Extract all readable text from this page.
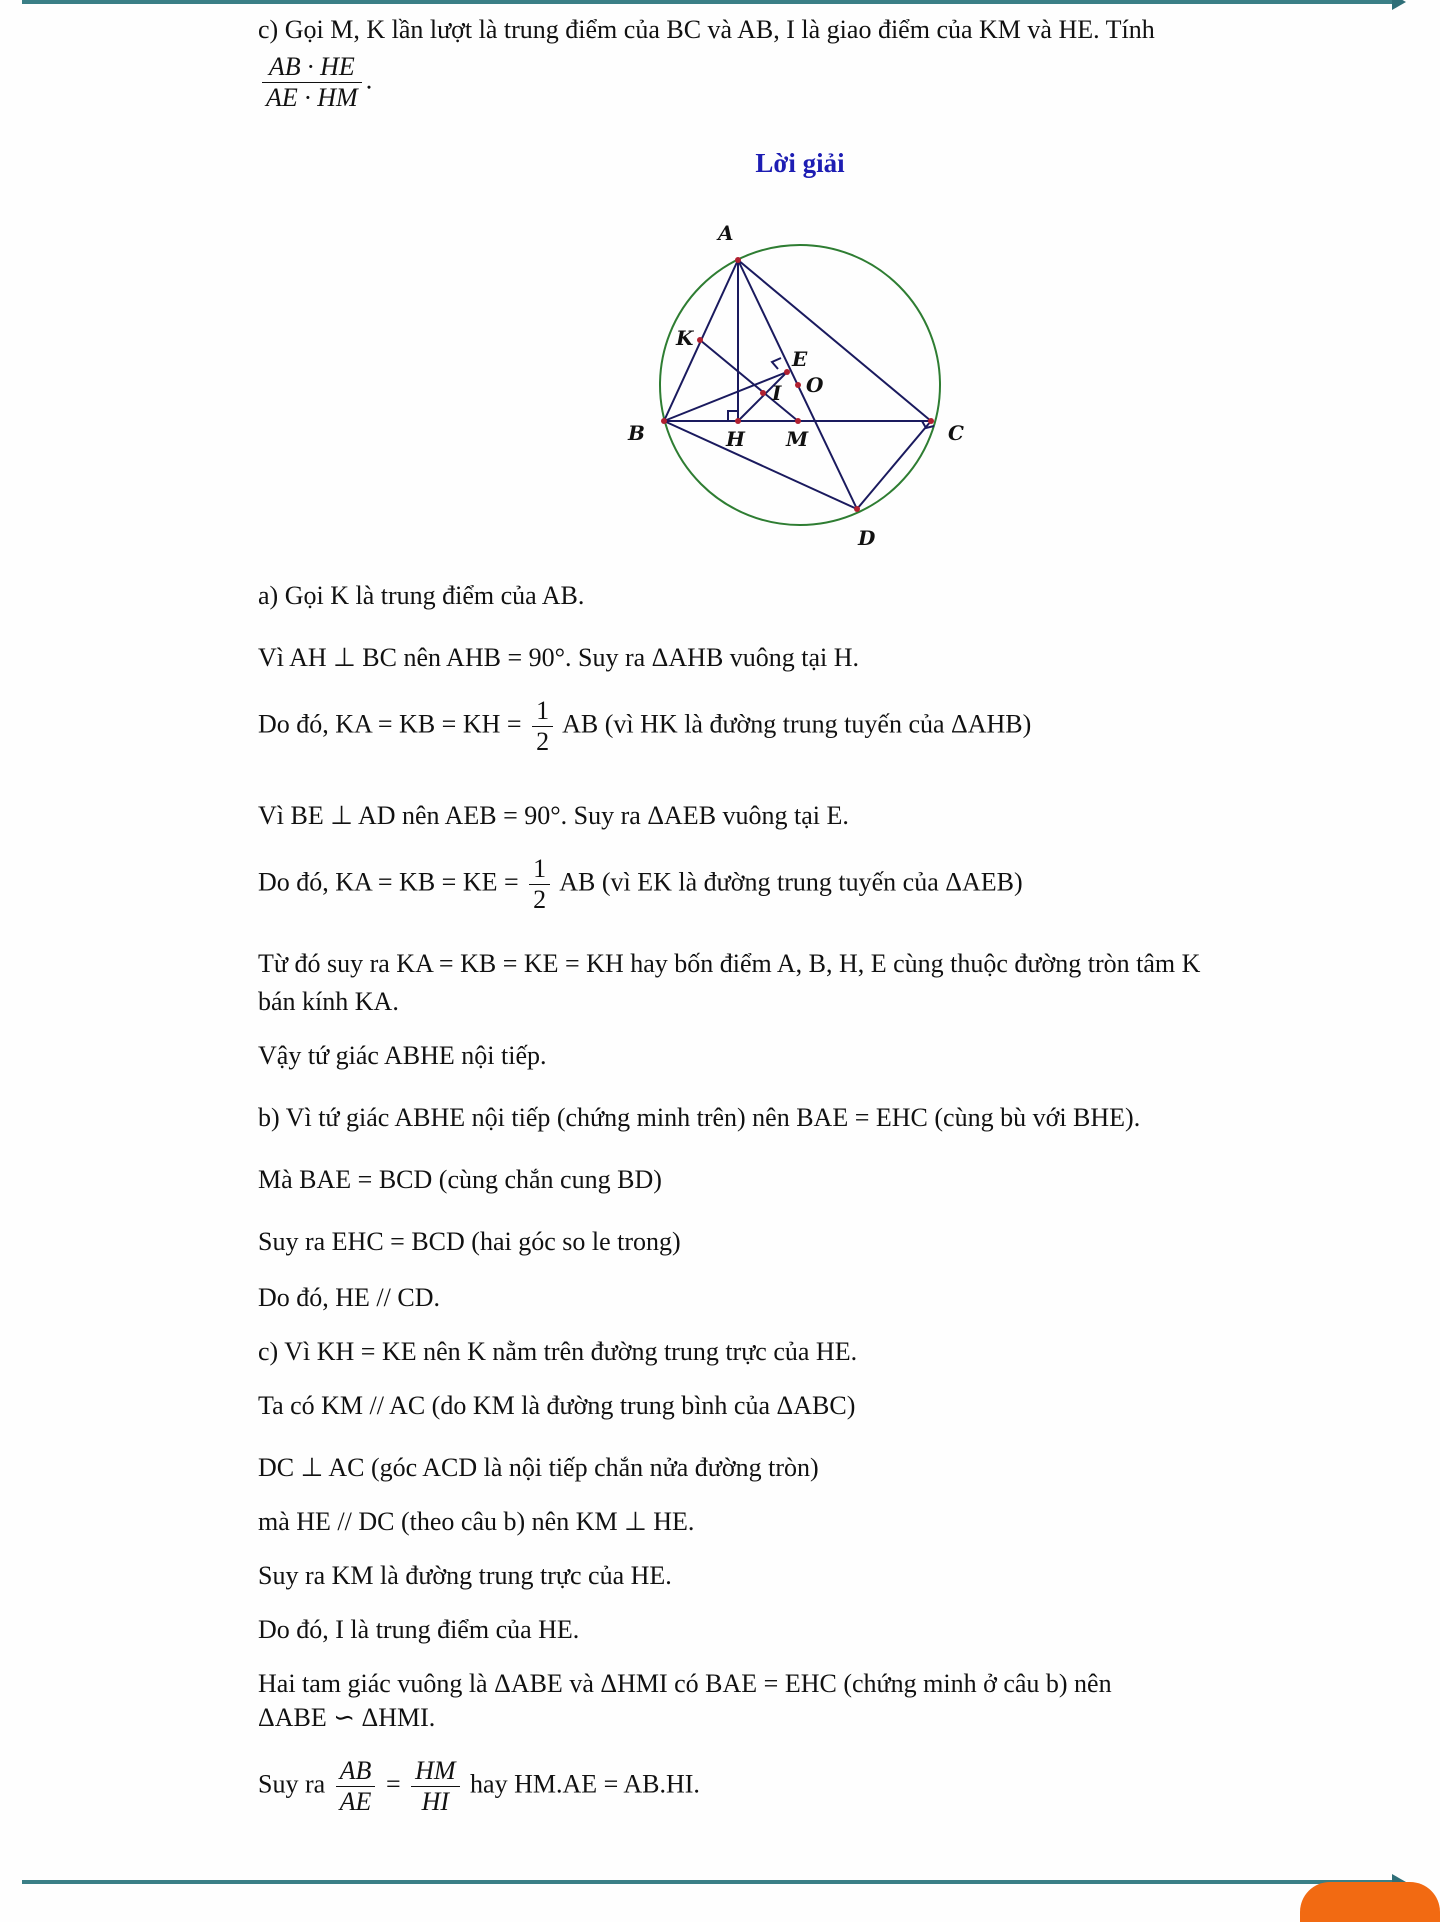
c) Gọi M, K lần lượt là trung điểm của BC và AB, I là giao điểm của KM và HE. Tính
$\frac{AB \cdot HE}{AE \cdot HM}$ .
Lời giải
A
B	C
D
E
H
I
K
M
O
a) Gọi K là trung điểm của AB.
Vì AH ⊥ BC nên AHB = 90°. Suy ra ΔAHB vuông tại H.
Do đó, KA = KB = KH = $\frac{1}{2}$ AB (vì HK là đường trung tuyến của ΔAHB)
Vì BE ⊥ AD nên AEB = 90°. Suy ra ΔAEB vuông tại E.
Do đó, KA = KB = KE = $\frac{1}{2}$ AB (vì EK là đường trung tuyến của ΔAEB)
Từ đó suy ra KA = KB = KE = KH hay bốn điểm A, B, H, E cùng thuộc đường tròn tâm K
bán kính KA.
Vậy tứ giác ABHE nội tiếp.
b) Vì tứ giác ABHE nội tiếp (chứng minh trên) nên BAE = EHC (cùng bù với BHE).
Mà BAE = BCD (cùng chắn cung BD)
Suy ra EHC = BCD (hai góc so le trong)
Do đó, HE // CD.
c) Vì KH = KE nên K nằm trên đường trung trực của HE.
Ta có KM // AC (do KM là đường trung bình của ΔABC)
DC ⊥ AC (góc ACD là nội tiếp chắn nửa đường tròn)
mà HE // DC (theo câu b) nên KM ⊥ HE.
Suy ra KM là đường trung trực của HE.
Do đó, I là trung điểm của HE.
Hai tam giác vuông là ΔABE và ΔHMI có BAE = EHC (chứng minh ở câu b) nên
ΔABE ∽ ΔHMI.
Suy ra $\frac{AB}{AE} = \frac{HM}{HI}$ hay HM.AE = AB.HI.
